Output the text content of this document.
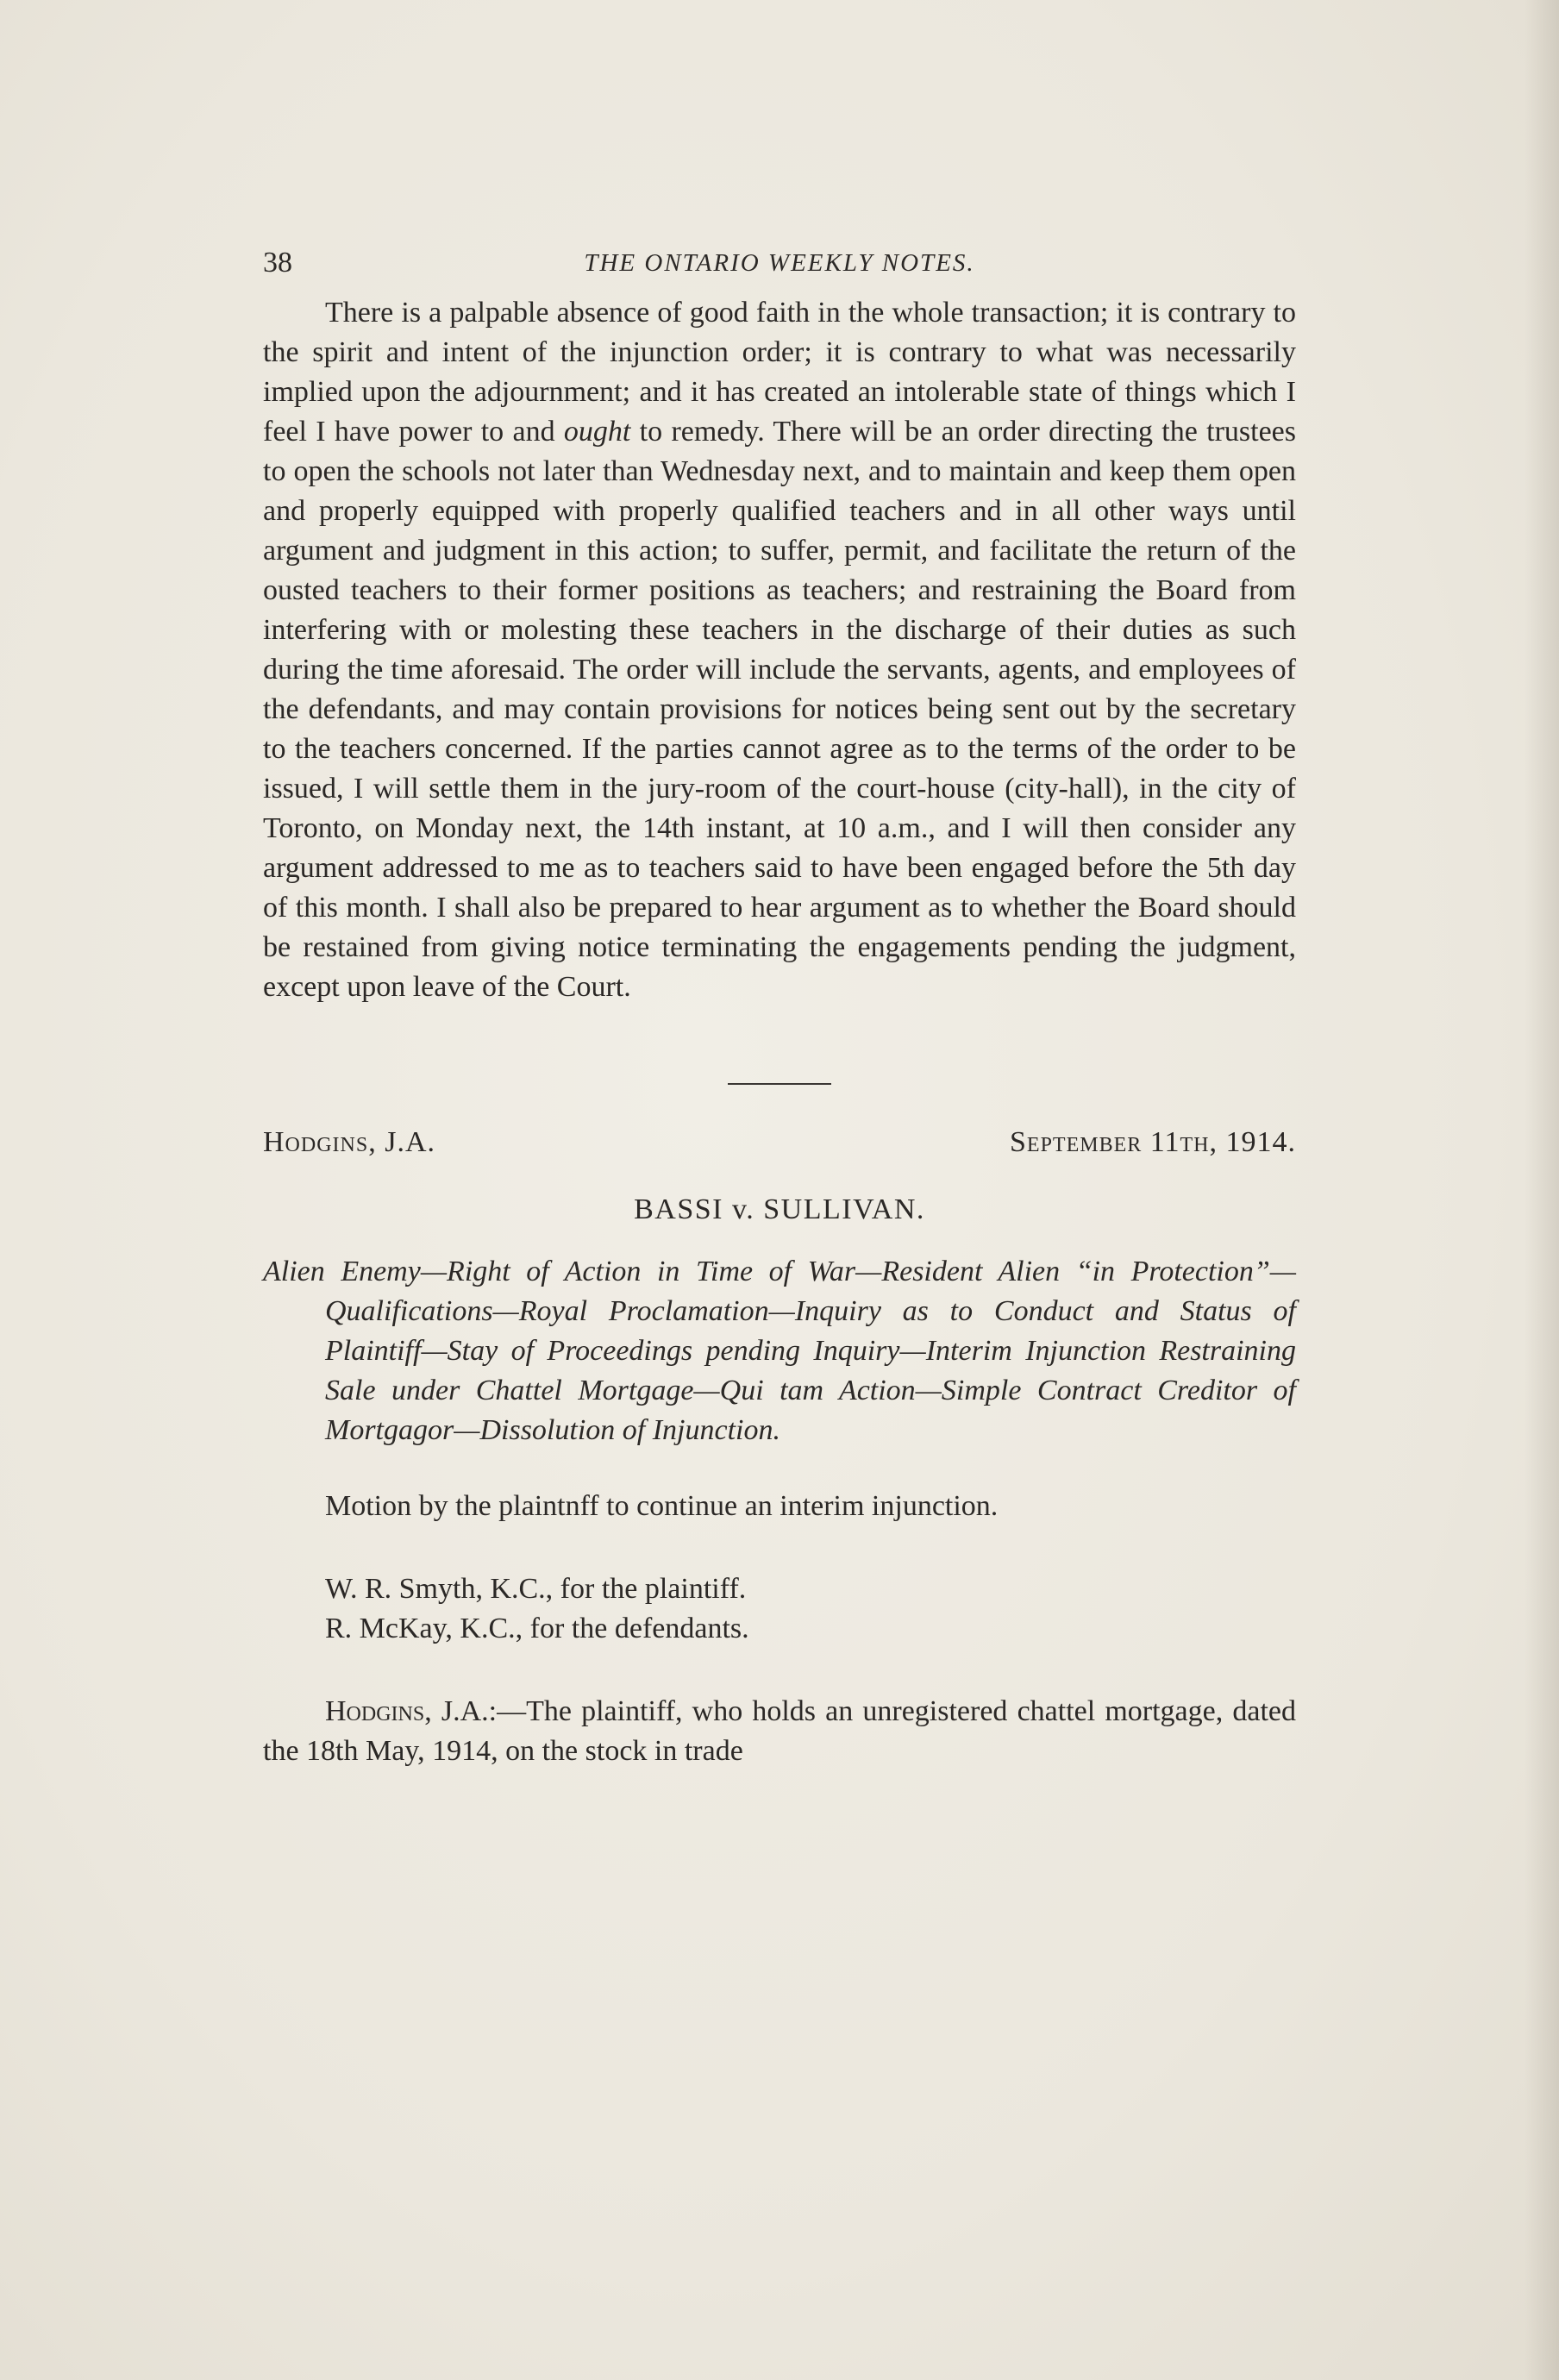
38	THE ONTARIO WEEKLY NOTES.

There is a palpable absence of good faith in the whole transaction; it is contrary to the spirit and intent of the injunction order; it is contrary to what was necessarily implied upon the adjournment; and it has created an intolerable state of things which I feel I have power to and ought to remedy. There will be an order directing the trustees to open the schools not later than Wednesday next, and to maintain and keep them open and properly equipped with properly qualified teachers and in all other ways until argument and judgment in this action; to suffer, permit, and facilitate the return of the ousted teachers to their former positions as teachers; and restraining the Board from interfering with or molesting these teachers in the discharge of their duties as such during the time aforesaid. The order will include the servants, agents, and employees of the defendants, and may contain provisions for notices being sent out by the secretary to the teachers concerned. If the parties cannot agree as to the terms of the order to be issued, I will settle them in the jury-room of the court-house (city-hall), in the city of Toronto, on Monday next, the 14th instant, at 10 a.m., and I will then consider any argument addressed to me as to teachers said to have been engaged before the 5th day of this month. I shall also be prepared to hear argument as to whether the Board should be restained from giving notice terminating the engagements pending the judgment, except upon leave of the Court.

Hodgins, J.A.	September 11th, 1914.
BASSI v. SULLIVAN.

Alien Enemy—Right of Action in Time of War—Resident Alien “in Protection”—Qualifications—Royal Proclamation—Inquiry as to Conduct and Status of Plaintiff—Stay of Proceedings pending Inquiry—Interim Injunction Restraining Sale under Chattel Mortgage—Qui tam Action—Simple Contract Creditor of Mortgagor—Dissolution of Injunction.

Motion by the plaintnff to continue an interim injunction.

W. R. Smyth, K.C., for the plaintiff.
R. McKay, K.C., for the defendants.

Hodgins, J.A.:—The plaintiff, who holds an unregistered chattel mortgage, dated the 18th May, 1914, on the stock in trade
